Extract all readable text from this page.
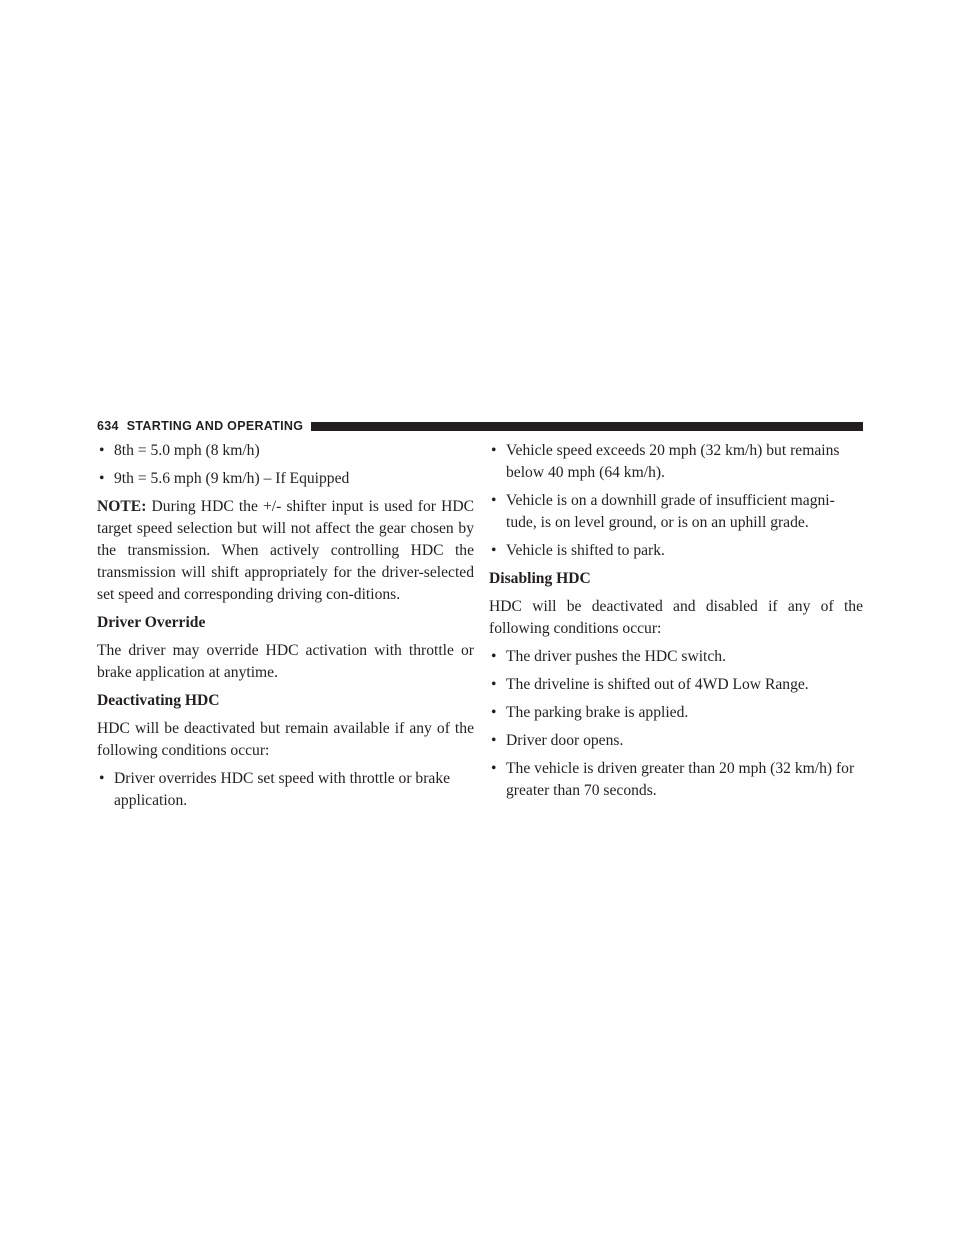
634 STARTING AND OPERATING
• 8th = 5.0 mph (8 km/h)
• 9th = 5.6 mph (9 km/h) – If Equipped

NOTE: During HDC the +/- shifter input is used for HDC target speed selection but will not affect the gear chosen by the transmission. When actively controlling HDC the transmission will shift appropriately for the driver-selected set speed and corresponding driving con-ditions.

Driver Override

The driver may override HDC activation with throttle or brake application at anytime.

Deactivating HDC

HDC will be deactivated but remain available if any of the following conditions occur:

• Driver overrides HDC set speed with throttle or brake application.
• Vehicle speed exceeds 20 mph (32 km/h) but remains below 40 mph (64 km/h).
• Vehicle is on a downhill grade of insufficient magni-tude, is on level ground, or is on an uphill grade.
• Vehicle is shifted to park.
Disabling HDC

HDC will be deactivated and disabled if any of the following conditions occur:

• The driver pushes the HDC switch.
• The driveline is shifted out of 4WD Low Range.
• The parking brake is applied.
• Driver door opens.
• The vehicle is driven greater than 20 mph (32 km/h) for greater than 70 seconds.
